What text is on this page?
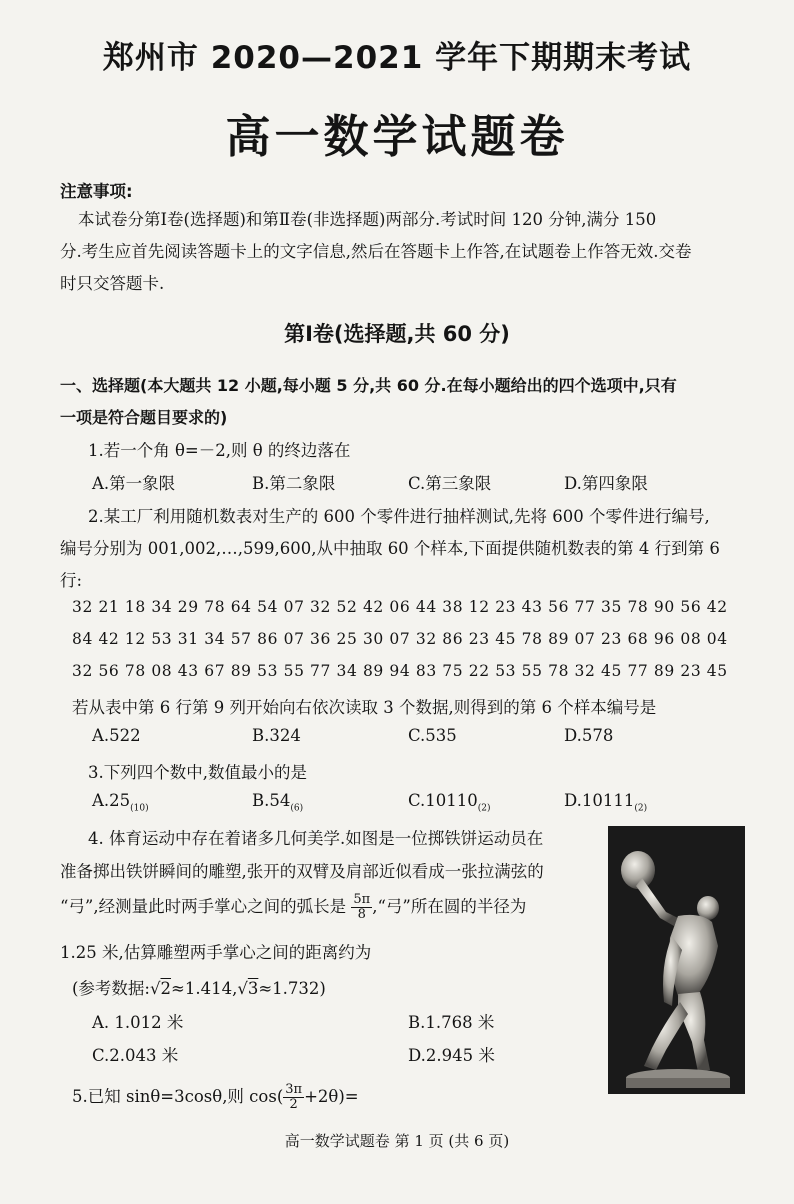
郑州市 2020—2021 学年下期期末考试
高一数学试题卷
注意事项:
本试卷分第Ⅰ卷(选择题)和第Ⅱ卷(非选择题)两部分.考试时间 120 分钟,满分 150
分.考生应首先阅读答题卡上的文字信息,然后在答题卡上作答,在试题卷上作答无效.交卷
时只交答题卡.
第Ⅰ卷(选择题,共 60 分)
一、选择题(本大题共 12 小题,每小题 5 分,共 60 分.在每小题给出的四个选项中,只有
一项是符合题目要求的)
1.若一个角 θ=－2,则 θ 的终边落在
A.第一象限	B.第二象限	C.第三象限	D.第四象限
2.某工厂利用随机数表对生产的 600 个零件进行抽样测试,先将 600 个零件进行编号,
编号分别为 001,002,…,599,600,从中抽取 60 个样本,下面提供随机数表的第 4 行到第 6
行:
32 21 18 34 29 78 64 54 07 32 52 42 06 44 38 12 23 43 56 77 35 78 90 56 42
84 42 12 53 31 34 57 86 07 36 25 30 07 32 86 23 45 78 89 07 23 68 96 08 04
32 56 78 08 43 67 89 53 55 77 34 89 94 83 75 22 53 55 78 32 45 77 89 23 45
若从表中第 6 行第 9 列开始向右依次读取 3 个数据,则得到的第 6 个样本编号是
A.522	B.324	C.535	D.578
3.下列四个数中,数值最小的是
$A.25_{(10)}$	$B.54_{(6)}$	$C.10110_{(2)}$	$D.10111_{(2)}$
4. 体育运动中存在着诸多几何美学.如图是一位掷铁饼运动员在
准备掷出铁饼瞬间的雕塑,张开的双臂及肩部近似看成一张拉满弦的
“弓”,经测量此时两手掌心之间的弧长是 $\frac{5\pi}{8}$ ,“弓”所在圆的半径为
1.25 米,估算雕塑两手掌心之间的距离约为
(参考数据:√2≈1.414,√3≈1.732)
A. 1.012 米	B.1.768 米
C.2.043 米	D.2.945 米
5.已知 sinθ=3cosθ,则 $\cos( \frac{3\pi}{2} +2\theta)=$
高一数学试题卷 第 1 页 (共 6 页)
